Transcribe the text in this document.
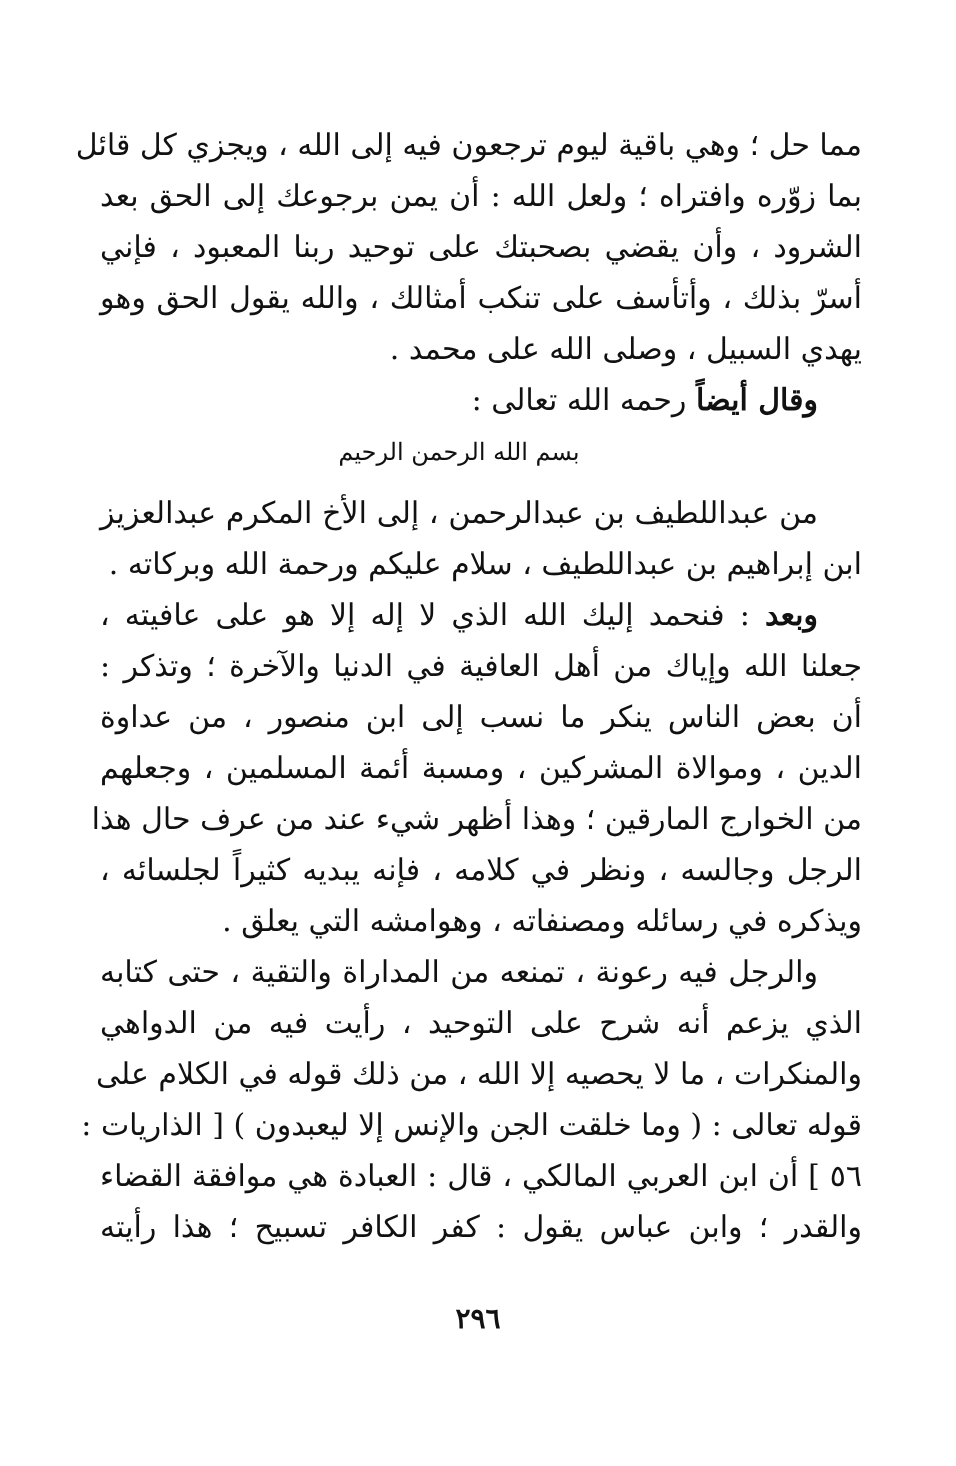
مما حل ؛ وهي باقية ليوم ترجعون فيه إلى الله ، ويجزي كل قائل
بما زوّره وافتراه ؛ ولعل الله : أن يمن برجوعك إلى الحق بعد
الشرود ، وأن يقضي بصحبتك على توحيد ربنا المعبود ، فإني
أسرّ بذلك ، وأتأسف على تنكب أمثالك ، والله يقول الحق وهو
يهدي السبيل ، وصلى الله على محمد .
وقال أيضاً رحمه الله تعالى :
بسم الله الرحمن الرحيم
من عبداللطيف بن عبدالرحمن ، إلى الأخ المكرم عبدالعزيز
ابن إبراهيم بن عبداللطيف ، سلام عليكم ورحمة الله وبركاته .
وبعد : فنحمد إليك الله الذي لا إله إلا هو على عافيته ،
جعلنا الله وإياك من أهل العافية في الدنيا والآخرة ؛ وتذكر :
أن بعض الناس ينكر ما نسب إلى ابن منصور ، من عداوة
الدين ، وموالاة المشركين ، ومسبة أئمة المسلمين ، وجعلهم
من الخوارج المارقين ؛ وهذا أظهر شيء عند من عرف حال هذا
الرجل وجالسه ، ونظر في كلامه ، فإنه يبديه كثيراً لجلسائه ،
ويذكره في رسائله ومصنفاته ، وهوامشه التي يعلق .
والرجل فيه رعونة ، تمنعه من المداراة والتقية ، حتى كتابه
الذي يزعم أنه شرح على التوحيد ، رأيت فيه من الدواهي
والمنكرات ، ما لا يحصيه إلا الله ، من ذلك قوله في الكلام على
قوله تعالى : ( وما خلقت الجن والإنس إلا ليعبدون ) [ الذاريات :
٥٦ ] أن ابن العربي المالكي ، قال : العبادة هي موافقة القضاء
والقدر ؛ وابن عباس يقول : كفر الكافر تسبيح ؛ هذا رأيته
٢٩٦
